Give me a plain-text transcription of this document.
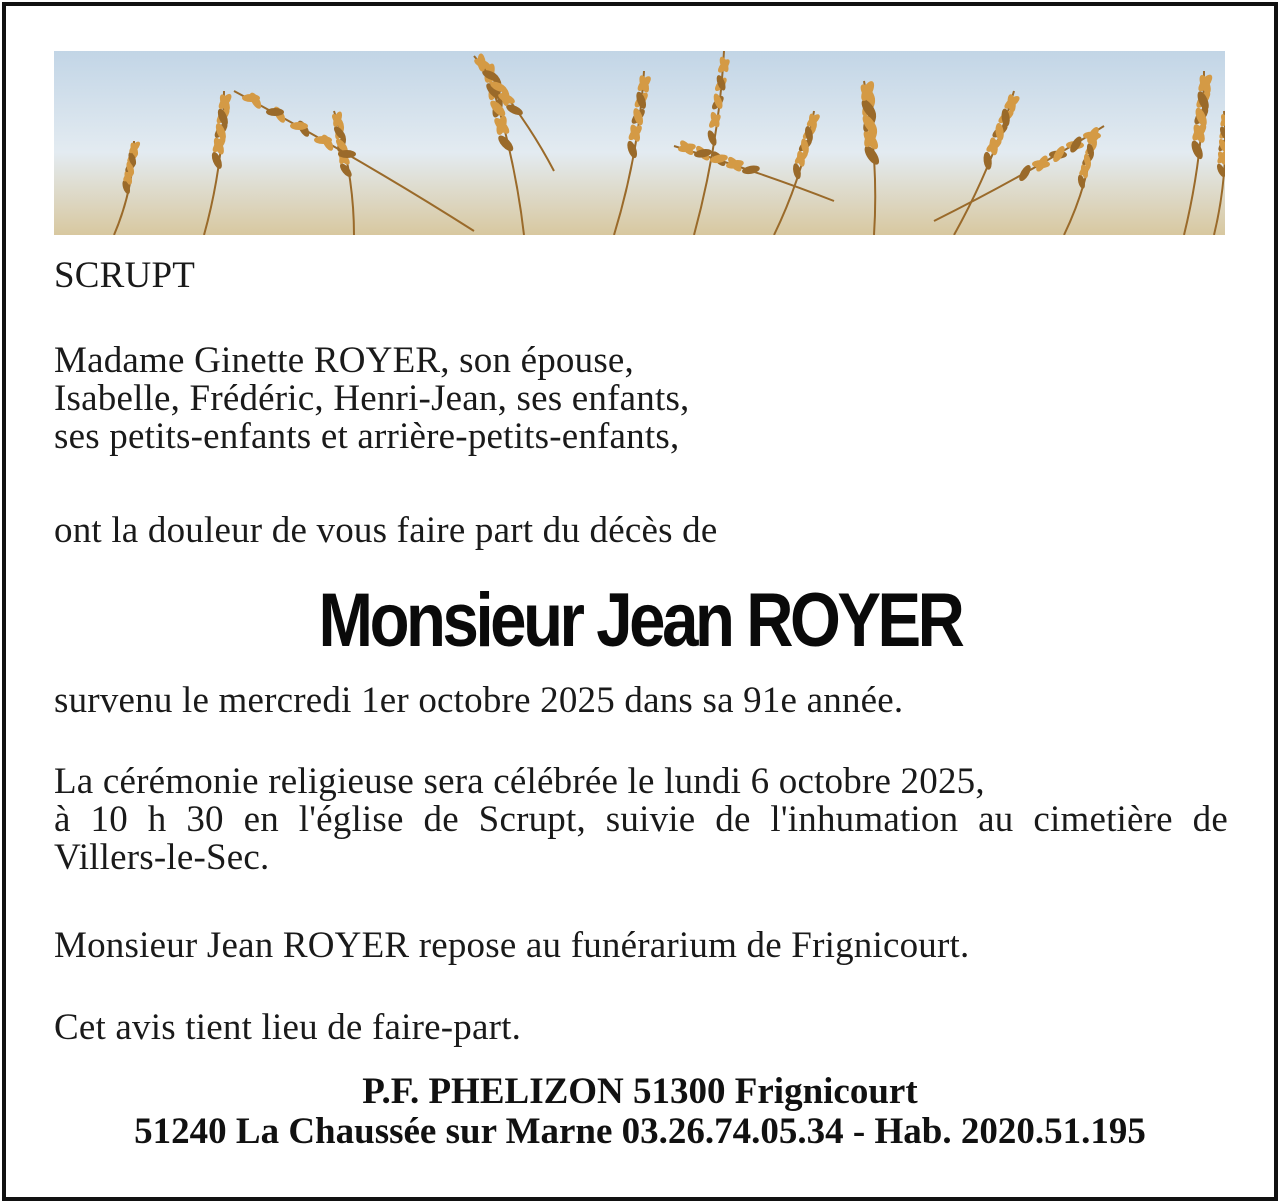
SCRUPT
Madame Ginette ROYER, son épouse,
Isabelle, Frédéric, Henri-Jean, ses enfants,
ses petits-enfants et arrière-petits-enfants,
ont la douleur de vous faire part du décès de
Monsieur Jean ROYER
survenu le mercredi 1er octobre 2025 dans sa 91e année.
La cérémonie religieuse sera célébrée le lundi 6 octobre 2025,
à 10 h 30 en l'église de Scrupt, suivie de l'inhumation au cimetière de
Villers-le-Sec.
Monsieur Jean ROYER repose au funérarium de Frignicourt.
Cet avis tient lieu de faire-part.
P.F. PHELIZON 51300 Frignicourt
51240 La Chaussée sur Marne 03.26.74.05.34 - Hab. 2020.51.195
